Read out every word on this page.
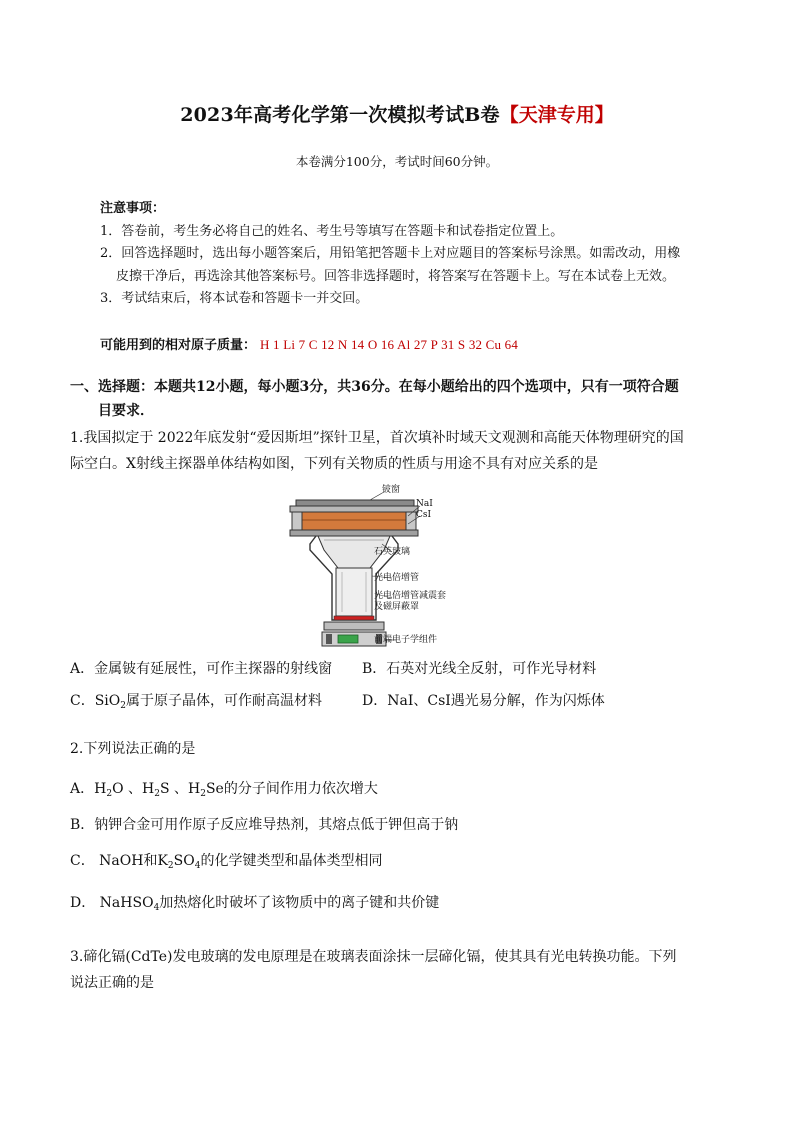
2023年高考化学第一次模拟考试B卷【天津专用】
本卷满分100分，考试时间60分钟。
注意事项：
1．答卷前，考生务必将自己的姓名、考生号等填写在答题卡和试卷指定位置上。
2．回答选择题时，选出每小题答案后，用铅笔把答题卡上对应题目的答案标号涂黑。如需改动，用橡皮擦干净后，再选涂其他答案标号。回答非选择题时，将答案写在答题卡上。写在本试卷上无效。
3．考试结束后，将本试卷和答题卡一并交回。
可能用到的相对原子质量： H 1 Li 7 C 12 N 14 O 16 Al 27 P 31 S 32 Cu 64
一、选择题：本题共12小题，每小题3分，共36分。在每小题给出的四个选项中，只有一项符合题目要求．
1.我国拟定于 2022年底发射“爱因斯坦”探针卫星，首次填补时域天文观测和高能天体物理研究的国际空白。X射线主探器单体结构如图，下列有关物质的性质与用途不具有对应关系的是
铍窗
NaI
CsI
石英玻璃
光电倍增管
光电倍增管减震套
及磁屏蔽罩
前端电子学组件
A．金属铍有延展性，可作主探器的射线窗 B．石英对光线全反射，可作光导材料
C．SiO$_2$属于原子晶体，可作耐高温材料	D．NaI、CsI遇光易分解，作为闪烁体
2.下列说法正确的是
A．$H_2O$ 、$H_2S$ 、$H_2Se$的分子间作用力依次增大
B．钠钾合金可用作原子反应堆导热剂，其熔点低于钾但高于钠
C． NaOH和$K_2SO_4$的化学键类型和晶体类型相同
D． NaHSO$_4$加热熔化时破坏了该物质中的离子键和共价键
3.碲化镉(CdTe)发电玻璃的发电原理是在玻璃表面涂抹一层碲化镉，使其具有光电转换功能。下列说法正确的是
